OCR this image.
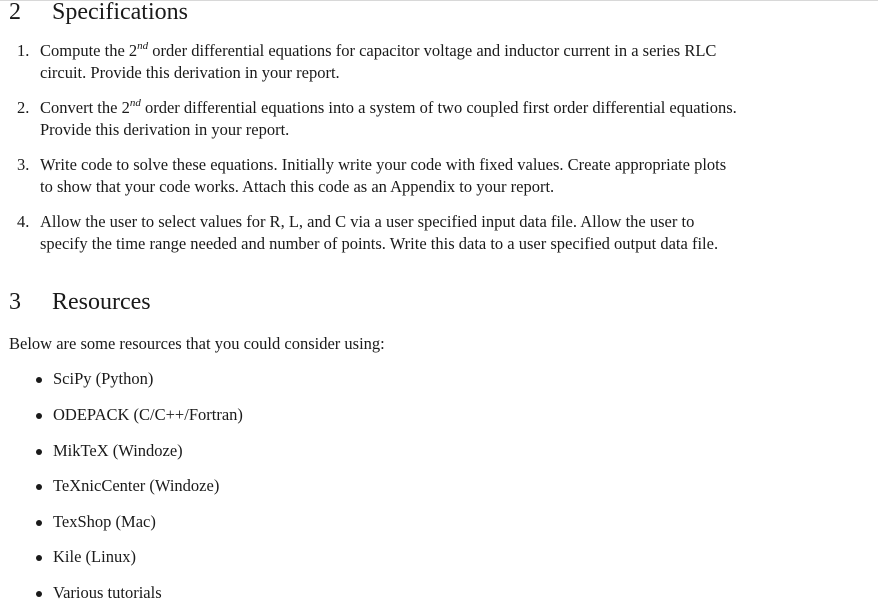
2 Specifications
1. Compute the 2nd order differential equations for capacitor voltage and inductor current in a series RLC
circuit. Provide this derivation in your report.
2. Convert the 2nd order differential equations into a system of two coupled first order differential equations.
Provide this derivation in your report.
3. Write code to solve these equations. Initially write your code with fixed values. Create appropriate plots
to show that your code works. Attach this code as an Appendix to your report.
4. Allow the user to select values for R, L, and C via a user specified input data file. Allow the user to
specify the time range needed and number of points. Write this data to a user specified output data file.
3 Resources

Below are some resources that you could consider using:

SciPy (Python)
ODEPACK (C/C++/Fortran)
MikTeX (Windoze)
TeXnicCenter (Windoze)
TexShop (Mac)
Kile (Linux)
Various tutorials
